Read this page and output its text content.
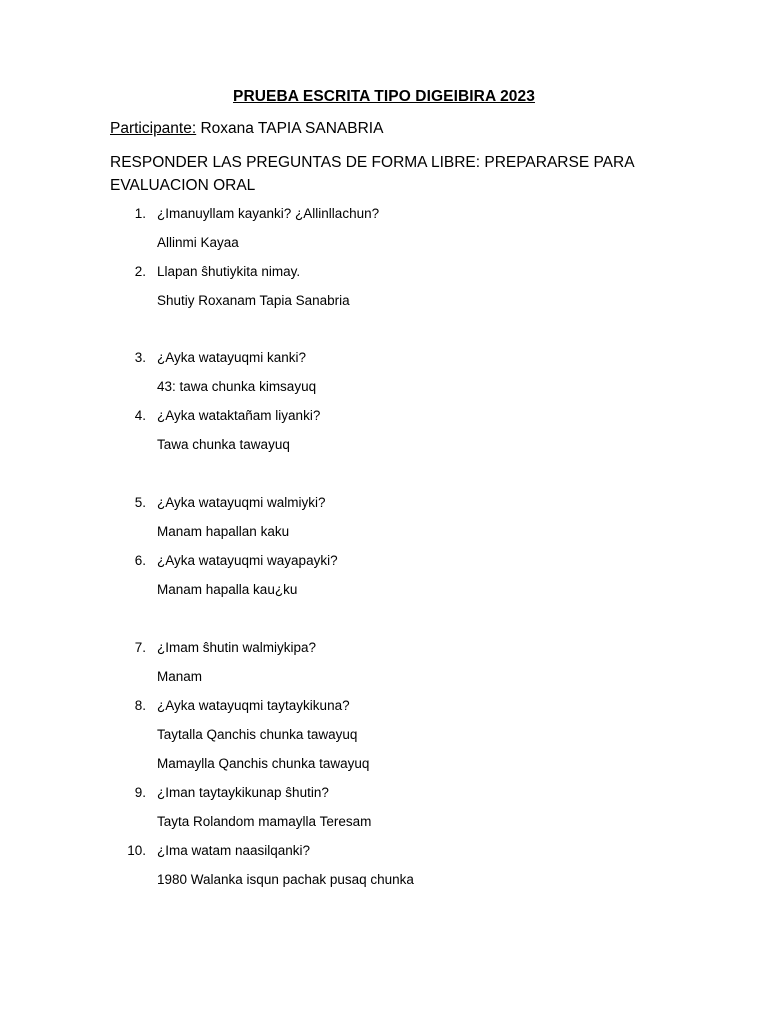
PRUEBA ESCRITA TIPO DIGEIBIRA 2023
Participante: Roxana TAPIA SANABRIA
RESPONDER LAS PREGUNTAS DE FORMA LIBRE: PREPARARSE PARA EVALUACION ORAL
1. ¿Imanuyllam kayanki? ¿Allinllachun?
Allinmi Kayaa
2. Llapan ŝhutiykita nimay.
Shutiy Roxanam Tapia Sanabria
3. ¿Ayka watayuqmi kanki?
43: tawa chunka kimsayuq
4. ¿Ayka wataktañam liyanki?
Tawa chunka tawayuq
5. ¿Ayka watayuqmi walmiyki?
Manam hapallan kaku
6. ¿Ayka watayuqmi wayapayki?
Manam hapalla kau¿ku
7. ¿Imam ŝhutin walmiykipa?
Manam
8. ¿Ayka watayuqmi taytaykikuna?
Taytalla Qanchis chunka tawayuq
Mamaylla Qanchis chunka tawayuq
9. ¿Iman taytaykikunap ŝhutin?
Tayta Rolandom mamaylla Teresam
10. ¿Ima watam naasilqanki?
1980 Walanka isqun pachak pusaq chunka
